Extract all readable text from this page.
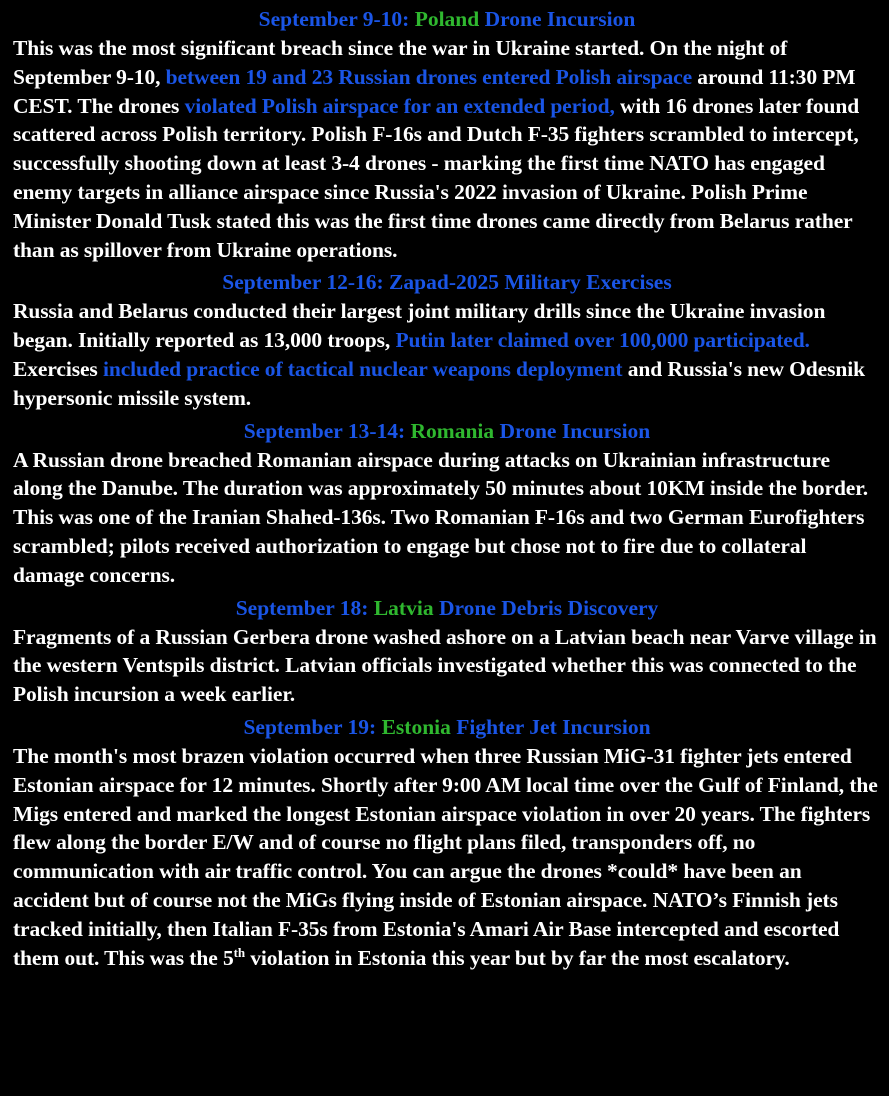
September 9-10: Poland Drone Incursion
This was the most significant breach since the war in Ukraine started. On the night of September 9-10, between 19 and 23 Russian drones entered Polish airspace around 11:30 PM CEST. The drones violated Polish airspace for an extended period, with 16 drones later found scattered across Polish territory. Polish F-16s and Dutch F-35 fighters scrambled to intercept, successfully shooting down at least 3-4 drones - marking the first time NATO has engaged enemy targets in alliance airspace since Russia's 2022 invasion of Ukraine. Polish Prime Minister Donald Tusk stated this was the first time drones came directly from Belarus rather than as spillover from Ukraine operations.
September 12-16: Zapad-2025 Military Exercises
Russia and Belarus conducted their largest joint military drills since the Ukraine invasion began. Initially reported as 13,000 troops, Putin later claimed over 100,000 participated. Exercises included practice of tactical nuclear weapons deployment and Russia's new Odesnik hypersonic missile system.
September 13-14: Romania Drone Incursion
A Russian drone breached Romanian airspace during attacks on Ukrainian infrastructure along the Danube. The duration was approximately 50 minutes about 10KM inside the border. This was one of the Iranian Shahed-136s. Two Romanian F-16s and two German Eurofighters scrambled; pilots received authorization to engage but chose not to fire due to collateral damage concerns.
September 18: Latvia Drone Debris Discovery
Fragments of a Russian Gerbera drone washed ashore on a Latvian beach near Varve village in the western Ventspils district. Latvian officials investigated whether this was connected to the Polish incursion a week earlier.
September 19: Estonia Fighter Jet Incursion
The month's most brazen violation occurred when three Russian MiG-31 fighter jets entered Estonian airspace for 12 minutes. Shortly after 9:00 AM local time over the Gulf of Finland, the Migs entered and marked the longest Estonian airspace violation in over 20 years. The fighters flew along the border E/W and of course no flight plans filed, transponders off, no communication with air traffic control. You can argue the drones *could* have been an accident but of course not the MiGs flying inside of Estonian airspace. NATO’s Finnish jets tracked initially, then Italian F-35s from Estonia's Amari Air Base intercepted and escorted them out. This was the 5th violation in Estonia this year but by far the most escalatory.
